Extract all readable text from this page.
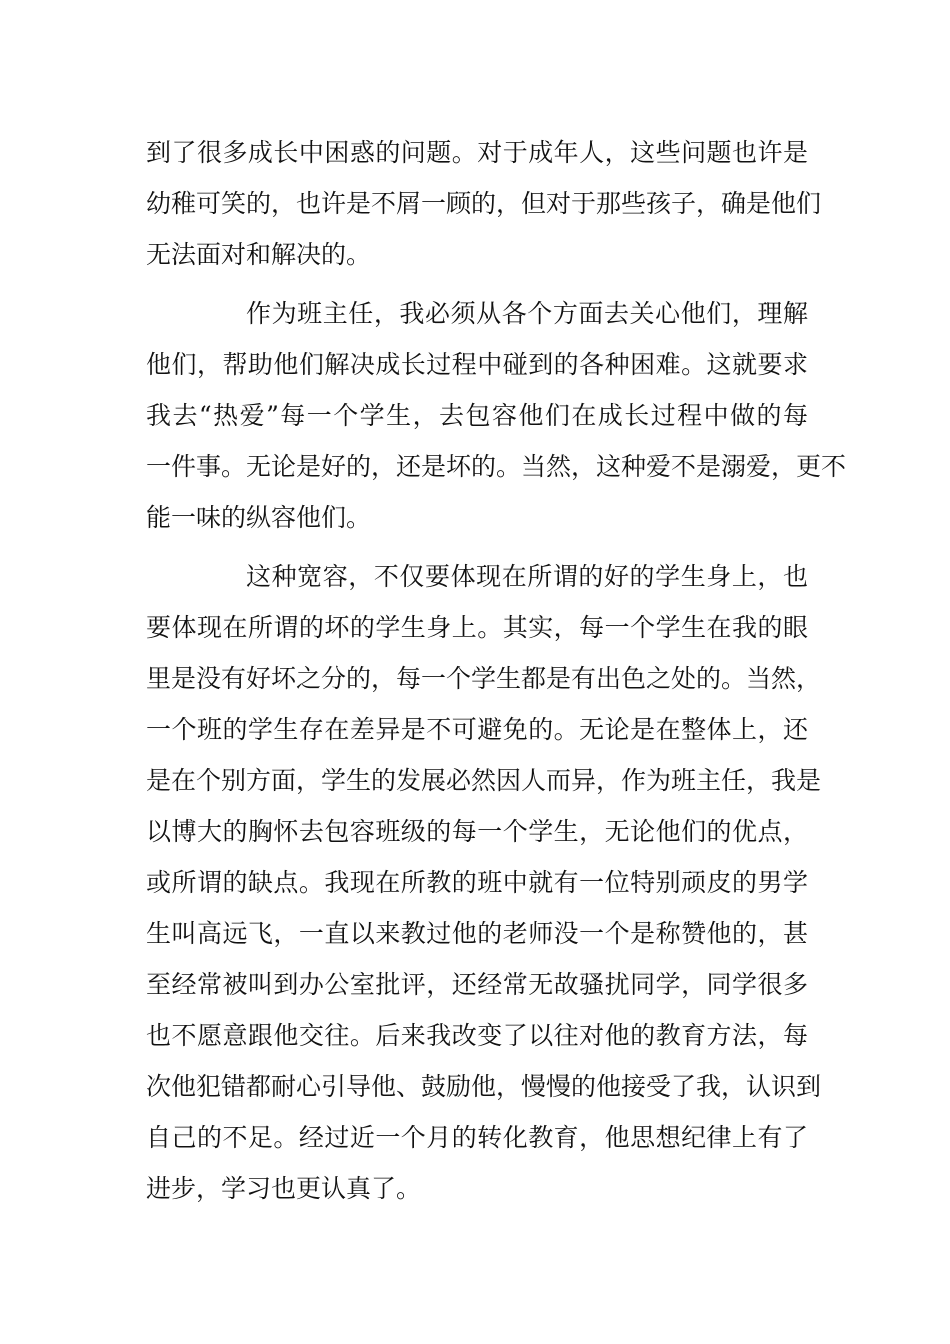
到了很多成长中困惑的问题。对于成年人，这些问题也许是
幼稚可笑的，也许是不屑一顾的，但对于那些孩子，确是他们
无法面对和解决的。
作为班主任，我必须从各个方面去关心他们，理解
他们，帮助他们解决成长过程中碰到的各种困难。这就要求
我去“热爱”每一个学生，去包容他们在成长过程中做的每
一件事。无论是好的，还是坏的。当然，这种爱不是溺爱，更不
能一味的纵容他们。
这种宽容，不仅要体现在所谓的好的学生身上，也
要体现在所谓的坏的学生身上。其实，每一个学生在我的眼
里是没有好坏之分的，每一个学生都是有出色之处的。当然，
一个班的学生存在差异是不可避免的。无论是在整体上，还
是在个别方面，学生的发展必然因人而异，作为班主任，我是
以博大的胸怀去包容班级的每一个学生，无论他们的优点，
或所谓的缺点。我现在所教的班中就有一位特别顽皮的男学
生叫高远飞，一直以来教过他的老师没一个是称赞他的，甚
至经常被叫到办公室批评，还经常无故骚扰同学，同学很多
也不愿意跟他交往。后来我改变了以往对他的教育方法，每
次他犯错都耐心引导他、鼓励他，慢慢的他接受了我，认识到
自己的不足。经过近一个月的转化教育，他思想纪律上有了
进步，学习也更认真了。
